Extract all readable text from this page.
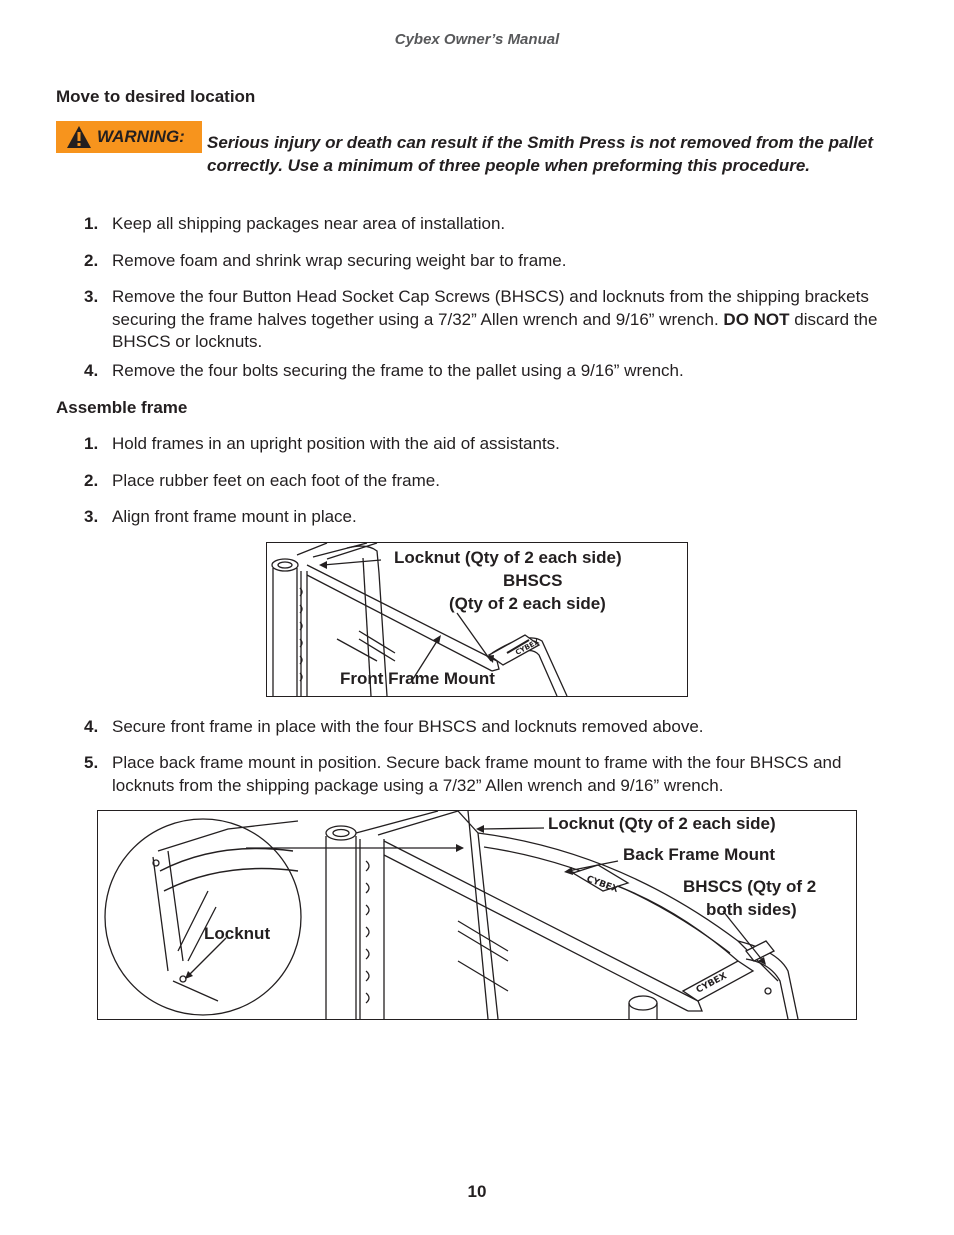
Cybex Owner’s Manual
Move to desired location
WARNING: Serious injury or death can result if the Smith Press is not removed from the pallet correctly. Use a minimum of three people when preforming this procedure.
1. Keep all shipping packages near area of installation.
2. Remove foam and shrink wrap securing weight bar to frame.
3. Remove the four Button Head Socket Cap Screws (BHSCS) and locknuts from the shipping brackets securing the frame halves together using a 7/32” Allen wrench and 9/16” wrench. DO NOT discard the BHSCS or locknuts.
4. Remove the four bolts securing the frame to the pallet using a 9/16” wrench.
Assemble frame
1. Hold frames in an upright position with the aid of assistants.
2. Place rubber feet on each foot of the frame.
3. Align front frame mount in place.
CYBEX
Locknut (Qty of 2 each side)
BHSCS
(Qty of 2 each side)
Front Frame Mount
4. Secure front frame in place with the four BHSCS and locknuts removed above.
5. Place back frame mount in position. Secure back frame mount to frame with the four BHSCS and locknuts from the shipping package using a 7/32” Allen wrench and 9/16” wrench.
CYBEX
CYBEX
Locknut (Qty of 2 each side)
Back Frame Mount
BHSCS (Qty of 2
both sides)
Locknut
10
